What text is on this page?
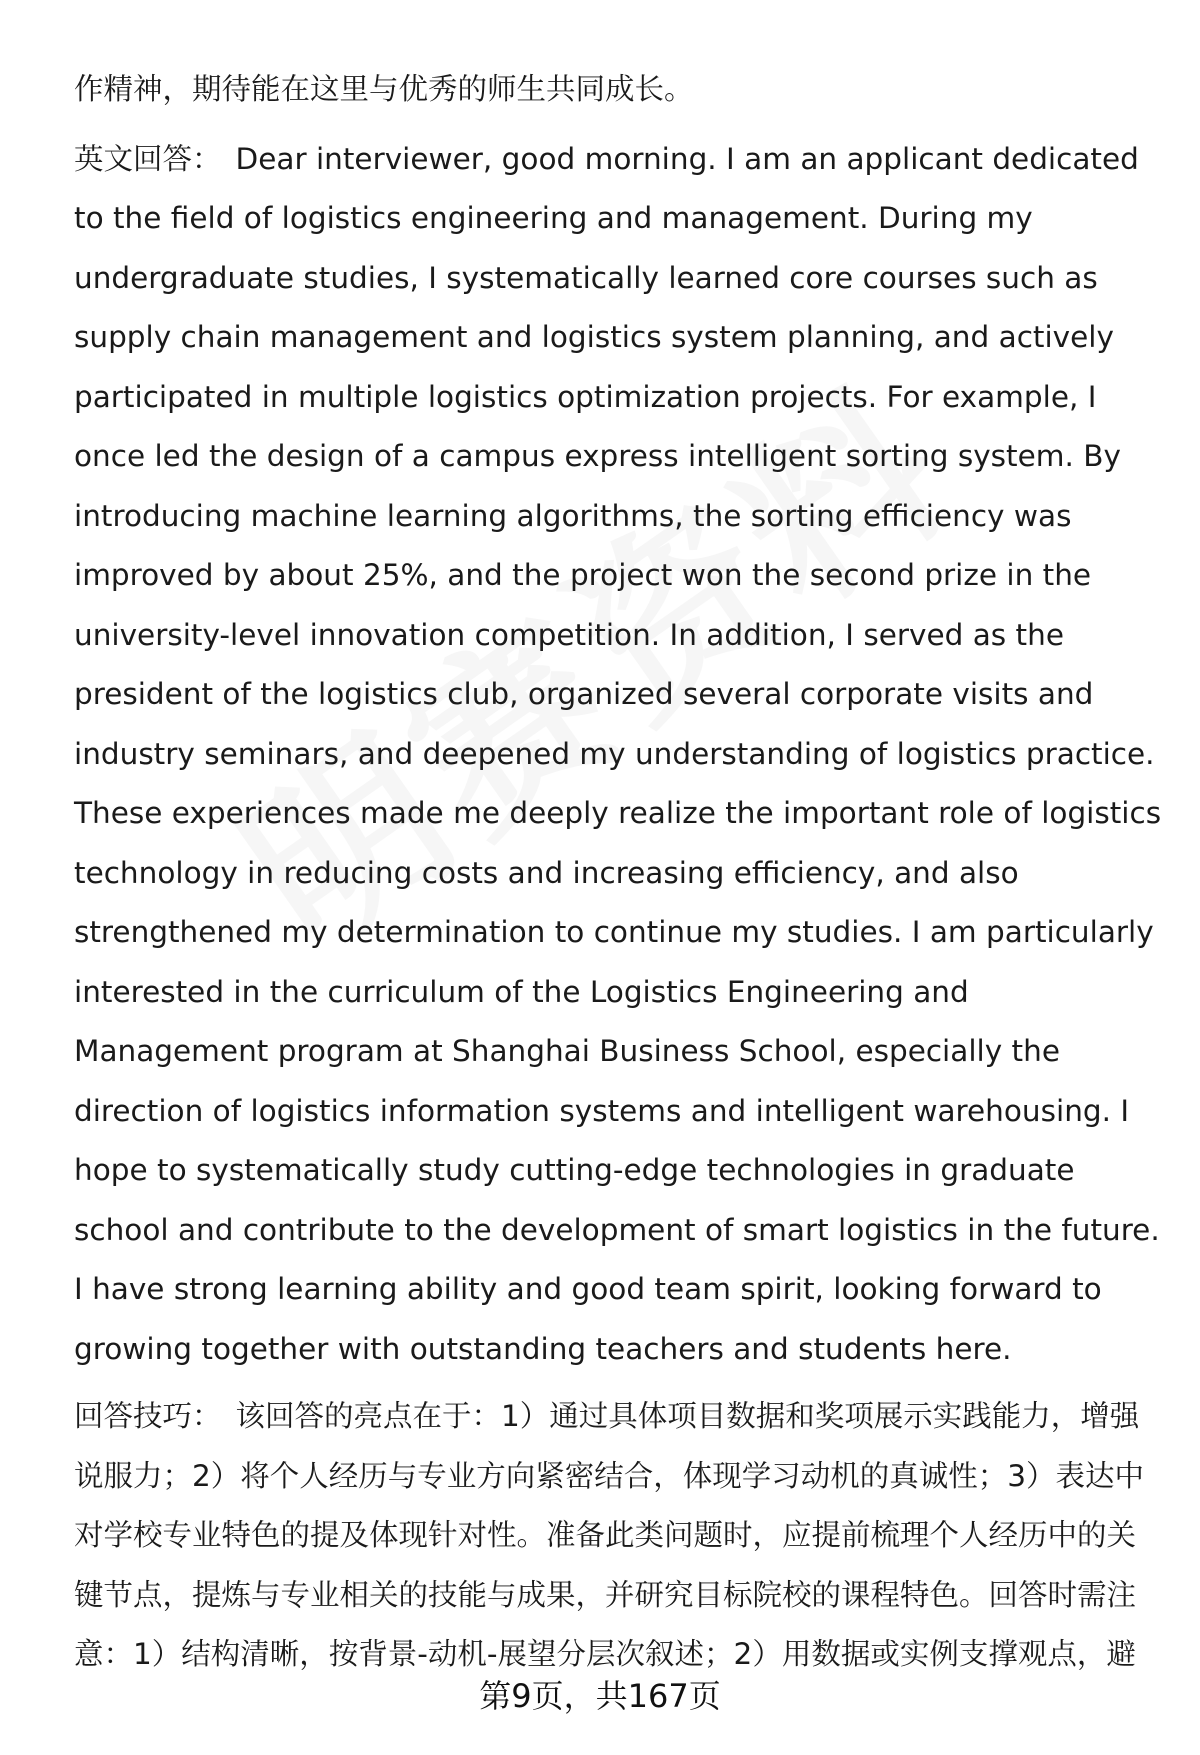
作精神，期待能在这里与优秀的师生共同成长。

英文回答： Dear interviewer, good morning. I am an applicant dedicated to the field of logistics engineering and management. During my undergraduate studies, I systematically learned core courses such as supply chain management and logistics system planning, and actively participated in multiple logistics optimization projects. For example, I once led the design of a campus express intelligent sorting system. By introducing machine learning algorithms, the sorting efficiency was improved by about 25%, and the project won the second prize in the university-level innovation competition. In addition, I served as the president of the logistics club, organized several corporate visits and industry seminars, and deepened my understanding of logistics practice. These experiences made me deeply realize the important role of logistics technology in reducing costs and increasing efficiency, and also strengthened my determination to continue my studies. I am particularly interested in the curriculum of the Logistics Engineering and Management program at Shanghai Business School, especially the direction of logistics information systems and intelligent warehousing. I hope to systematically study cutting-edge technologies in graduate school and contribute to the development of smart logistics in the future. I have strong learning ability and good team spirit, looking forward to growing together with outstanding teachers and students here.

回答技巧： 该回答的亮点在于：1）通过具体项目数据和奖项展示实践能力，增强说服力；2）将个人经历与专业方向紧密结合，体现学习动机的真诚性；3）表达中对学校专业特色的提及体现针对性。准备此类问题时，应提前梳理个人经历中的关键节点，提炼与专业相关的技能与成果，并研究目标院校的课程特色。回答时需注意：1）结构清晰，按背景-动机-展望分层次叙述；2）用数据或实例支撑观点，避

第9页，共167页
